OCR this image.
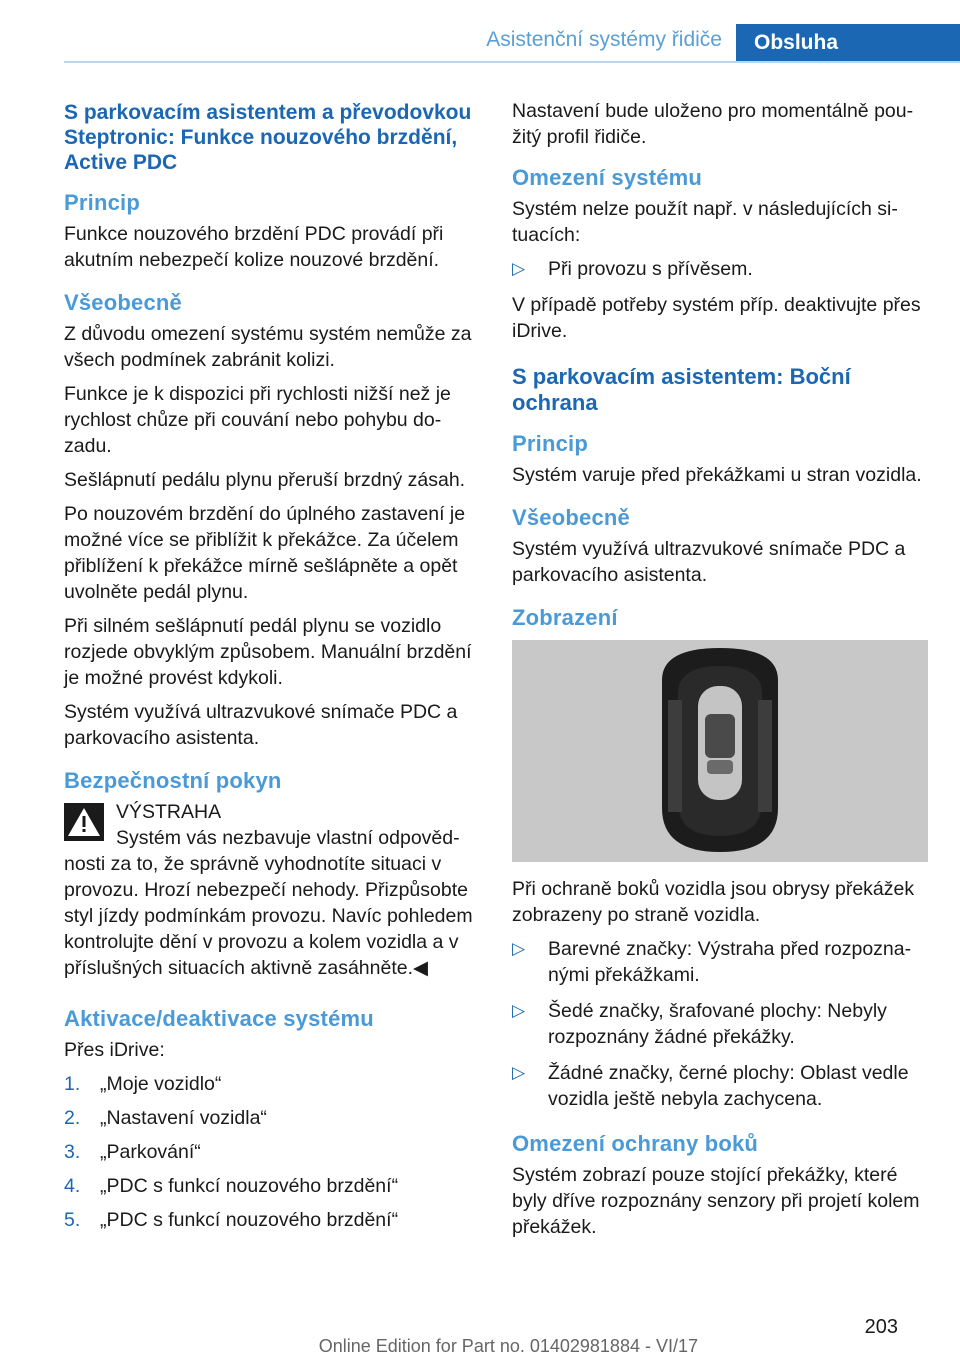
Asistenční systémy řidiče	Obsluha
S parkovacím asistentem a převodovkou Steptronic: Funkce nouzového brzdění, Active PDC
Princip

Funkce nouzového brzdění PDC provádí při akutním nebezpečí kolize nouzové brzdění.

Všeobecně

Z důvodu omezení systému systém nemůže za všech podmínek zabránit kolizi.

Funkce je k dispozici při rychlosti nižší než je rychlost chůze při couvání nebo pohybu do-zadu.

Sešlápnutí pedálu plynu přeruší brzdný zásah.

Po nouzovém brzdění do úplného zastavení je možné více se přiblížit k překážce. Za účelem přiblížení k překážce mírně sešlápněte a opět uvolněte pedál plynu.

Při silném sešlápnutí pedál plynu se vozidlo rozjede obvyklým způsobem. Manuální brzdění je možné provést kdykoli.

Systém využívá ultrazvukové snímače PDC a parkovacího asistenta.

Bezpečnostní pokyn
VÝSTRAHA

Systém vás nezbavuje vlastní odpověd-nosti za to, že správně vyhodnotíte situaci v provozu. Hrozí nebezpečí nehody. Přizpůsobte styl jízdy podmínkám provozu. Navíc pohledem kontrolujte dění v provozu a kolem vozidla a v příslušných situacích aktivně zasáhněte.◀

Aktivace/deaktivace systému

Přes iDrive:

1. „Moje vozidlo“
2. „Nastavení vozidla“
3. „Parkování“
4. „PDC s funkcí nouzového brzdění“
5. „PDC s funkcí nouzového brzdění“

Nastavení bude uloženo pro momentálně pou-žitý profil řidiče.

Omezení systému

Systém nelze použít např. v následujících si-tuacích:

▷ Při provozu s přívěsem.

V případě potřeby systém příp. deaktivujte přes iDrive.

S parkovacím asistentem: Boční ochrana
Princip

Systém varuje před překážkami u stran vozidla.

Všeobecně

Systém využívá ultrazvukové snímače PDC a parkovacího asistenta.

Zobrazení

Při ochraně boků vozidla jsou obrysy překážek zobrazeny po straně vozidla.

▷ Barevné značky: Výstraha před rozpozna-nými překážkami.
▷ Šedé značky, šrafované plochy: Nebyly rozpoznány žádné překážky.
▷ Žádné značky, černé plochy: Oblast vedle vozidla ještě nebyla zachycena.
Omezení ochrany boků

Systém zobrazí pouze stojící překážky, které byly dříve rozpoznány senzory při projetí kolem překážek.

203
Online Edition for Part no. 01402981884 - VI/17
